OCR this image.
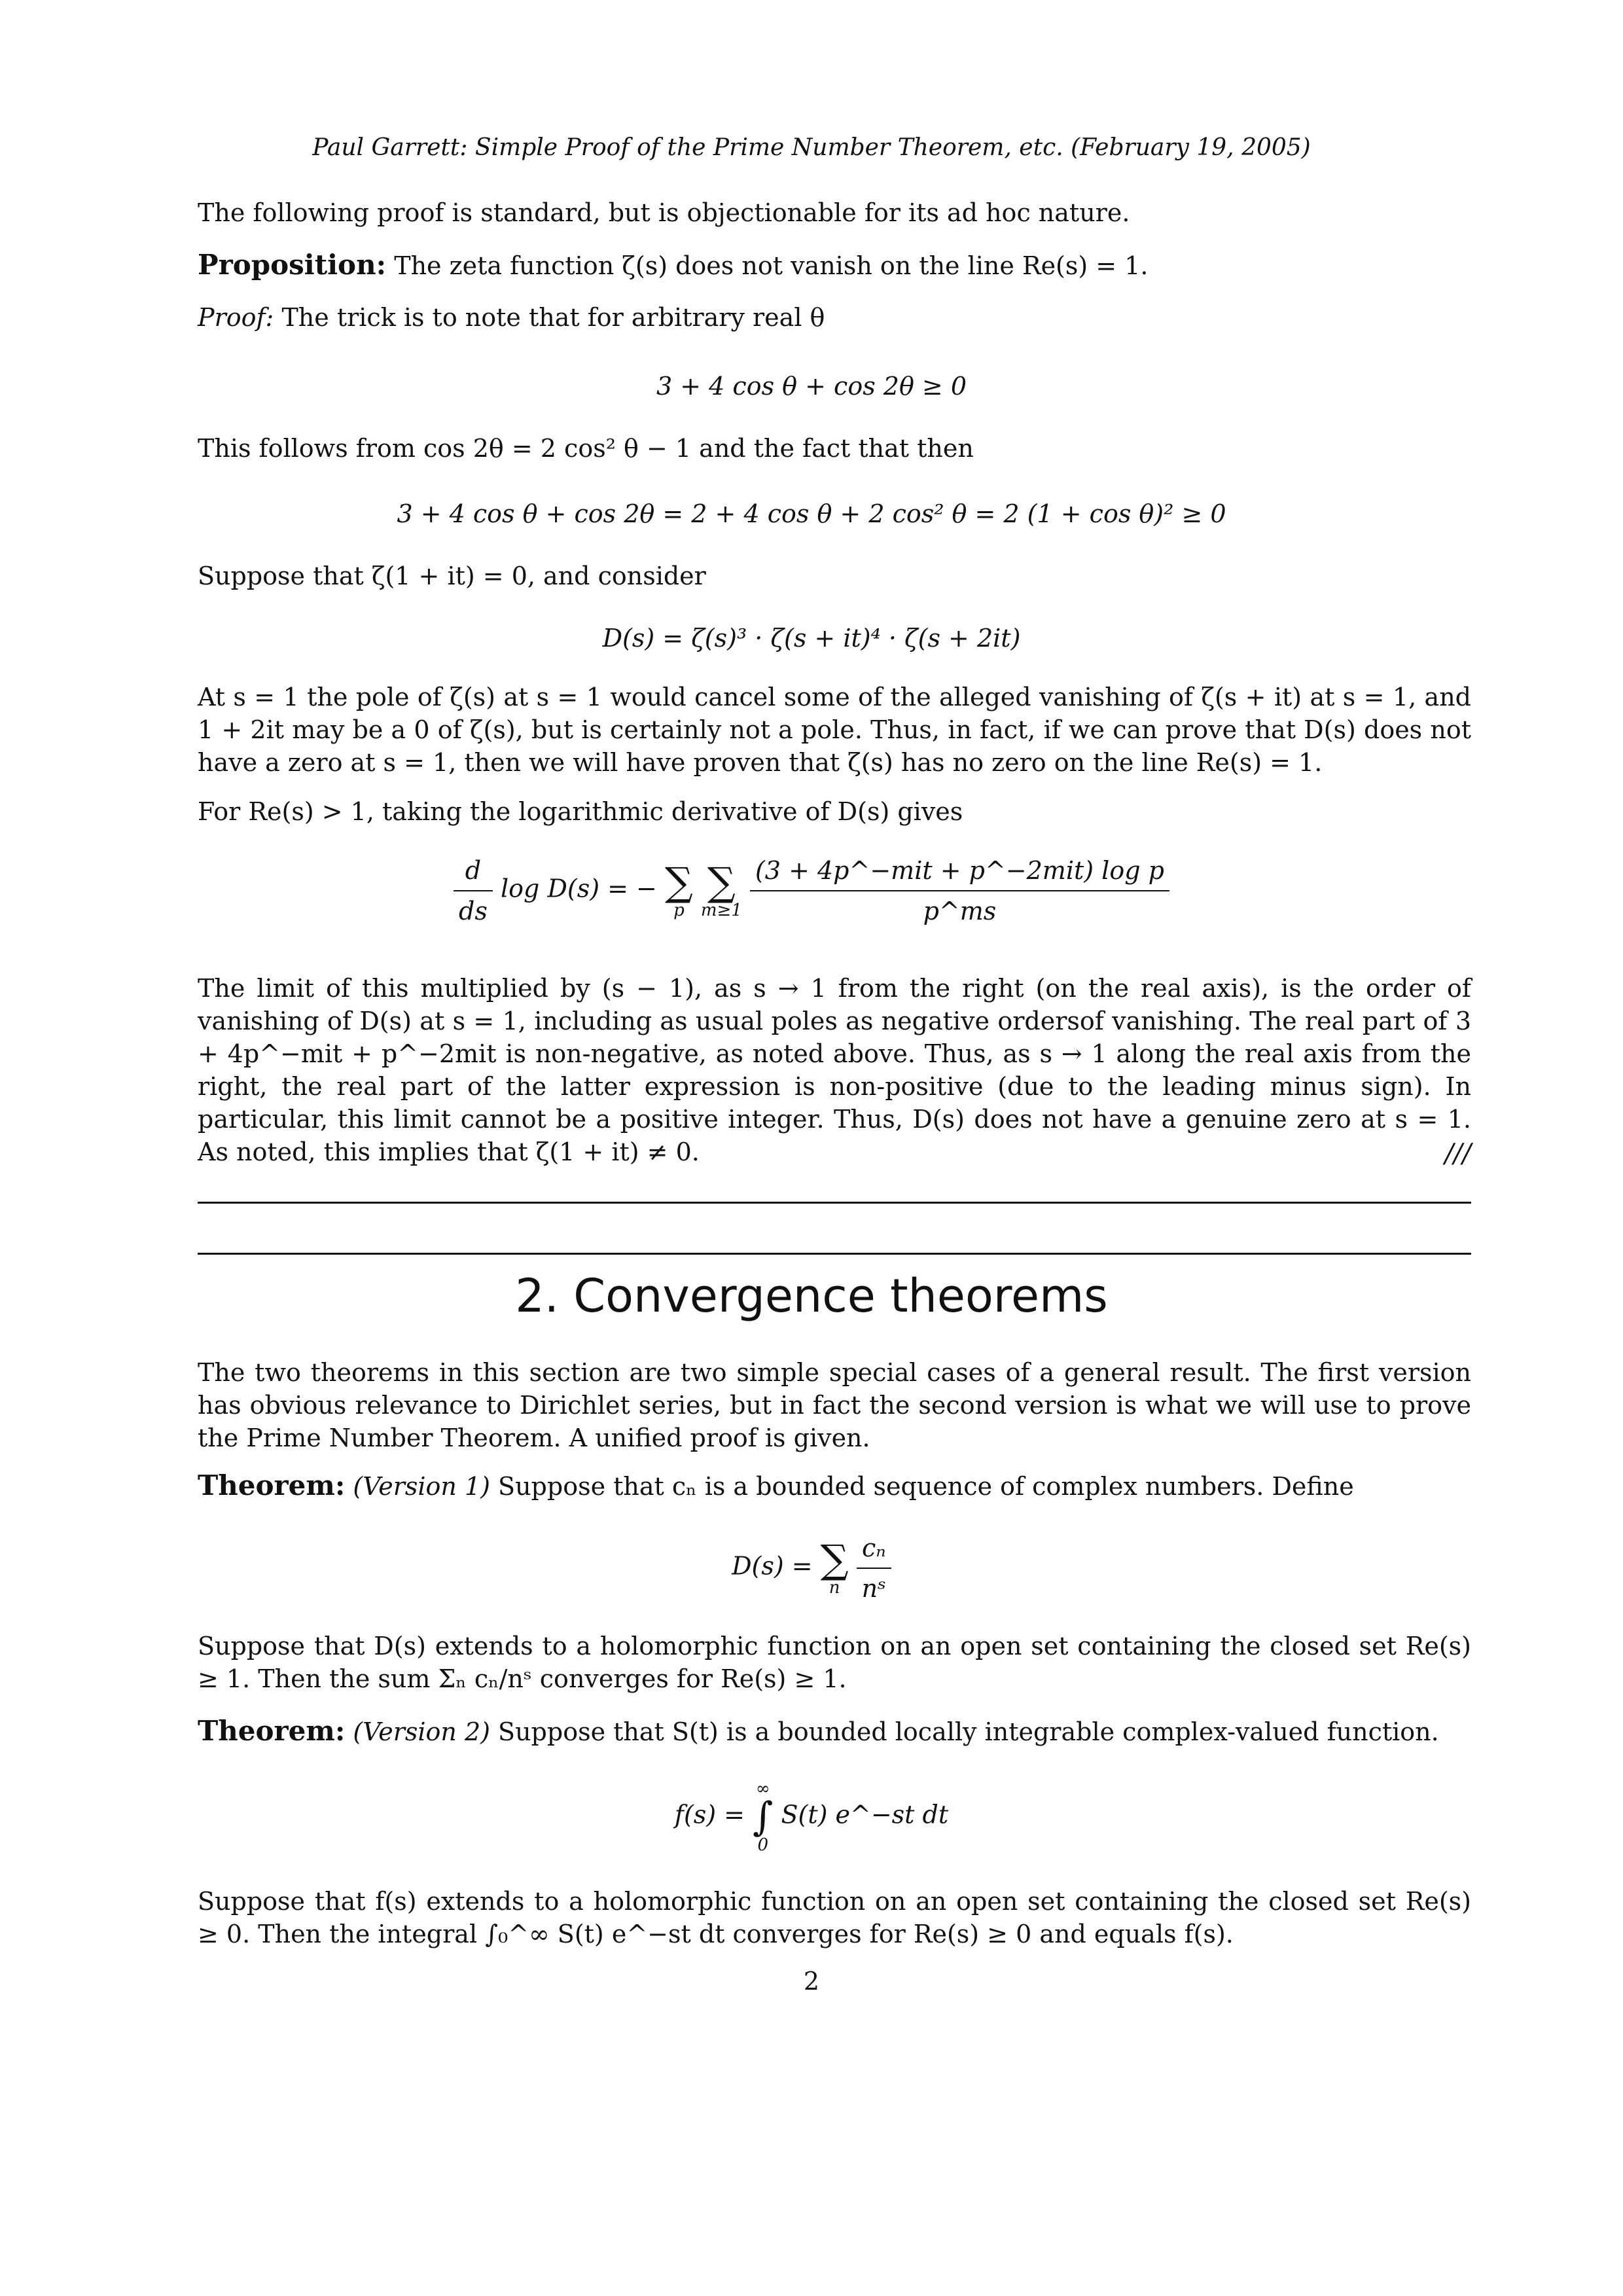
Paul Garrett: Simple Proof of the Prime Number Theorem, etc. (February 19, 2005)
The following proof is standard, but is objectionable for its ad hoc nature.
Proposition: The zeta function ζ(s) does not vanish on the line Re(s) = 1.
Proof: The trick is to note that for arbitrary real θ
3 + 4 cos θ + cos 2θ ≥ 0
This follows from cos 2θ = 2 cos² θ − 1 and the fact that then
3 + 4 cos θ + cos 2θ = 2 + 4 cos θ + 2 cos² θ = 2 (1 + cos θ)² ≥ 0
Suppose that ζ(1 + it) = 0, and consider
D(s) = ζ(s)³ · ζ(s + it)⁴ · ζ(s + 2it)
At s = 1 the pole of ζ(s) at s = 1 would cancel some of the alleged vanishing of ζ(s + it) at s = 1, and 1 + 2it may be a 0 of ζ(s), but is certainly not a pole. Thus, in fact, if we can prove that D(s) does not have a zero at s = 1, then we will have proven that ζ(s) has no zero on the line Re(s) = 1.
For Re(s) > 1, taking the logarithmic derivative of D(s) gives
$\frac{d}{ds}$ log D(s) = − ∑
p

∑
m≥1
$\frac{\text{(3 + 4p\textasciicircum{}−mit + p\textasciicircum{}−2mit) log p}}{p\^{}ms}$
The limit of this multiplied by (s − 1), as s → 1 from the right (on the real axis), is the order of vanishing of D(s) at s = 1, including as usual poles as negative ordersof vanishing. The real part of 3 + 4p^−mit + p^−2mit is non-negative, as noted above. Thus, as s → 1 along the real axis from the right, the real part of the latter expression is non-positive (due to the leading minus sign). In particular, this limit cannot be a positive integer. Thus, D(s) does not have a genuine zero at s = 1. As noted, this implies that ζ(1 + it) ≠ 0.	///
2. Convergence theorems
The two theorems in this section are two simple special cases of a general result. The first version has obvious relevance to Dirichlet series, but in fact the second version is what we will use to prove the Prime Number Theorem. A unified proof is given.
Theorem: (Version 1) Suppose that cₙ is a bounded sequence of complex numbers. Define
D(s) = ∑
n
$\frac{\text{cₙ}}{\text{nˢ}}$
Suppose that D(s) extends to a holomorphic function on an open set containing the closed set Re(s) ≥ 1. Then the sum Σₙ cₙ/nˢ converges for Re(s) ≥ 1.
Theorem: (Version 2) Suppose that S(t) is a bounded locally integrable complex-valued function.
f(s) =
∞
∫
0
S(t) e^−st dt
Suppose that f(s) extends to a holomorphic function on an open set containing the closed set Re(s) ≥ 0. Then the integral ∫₀^∞ S(t) e^−st dt converges for Re(s) ≥ 0 and equals f(s).
2
